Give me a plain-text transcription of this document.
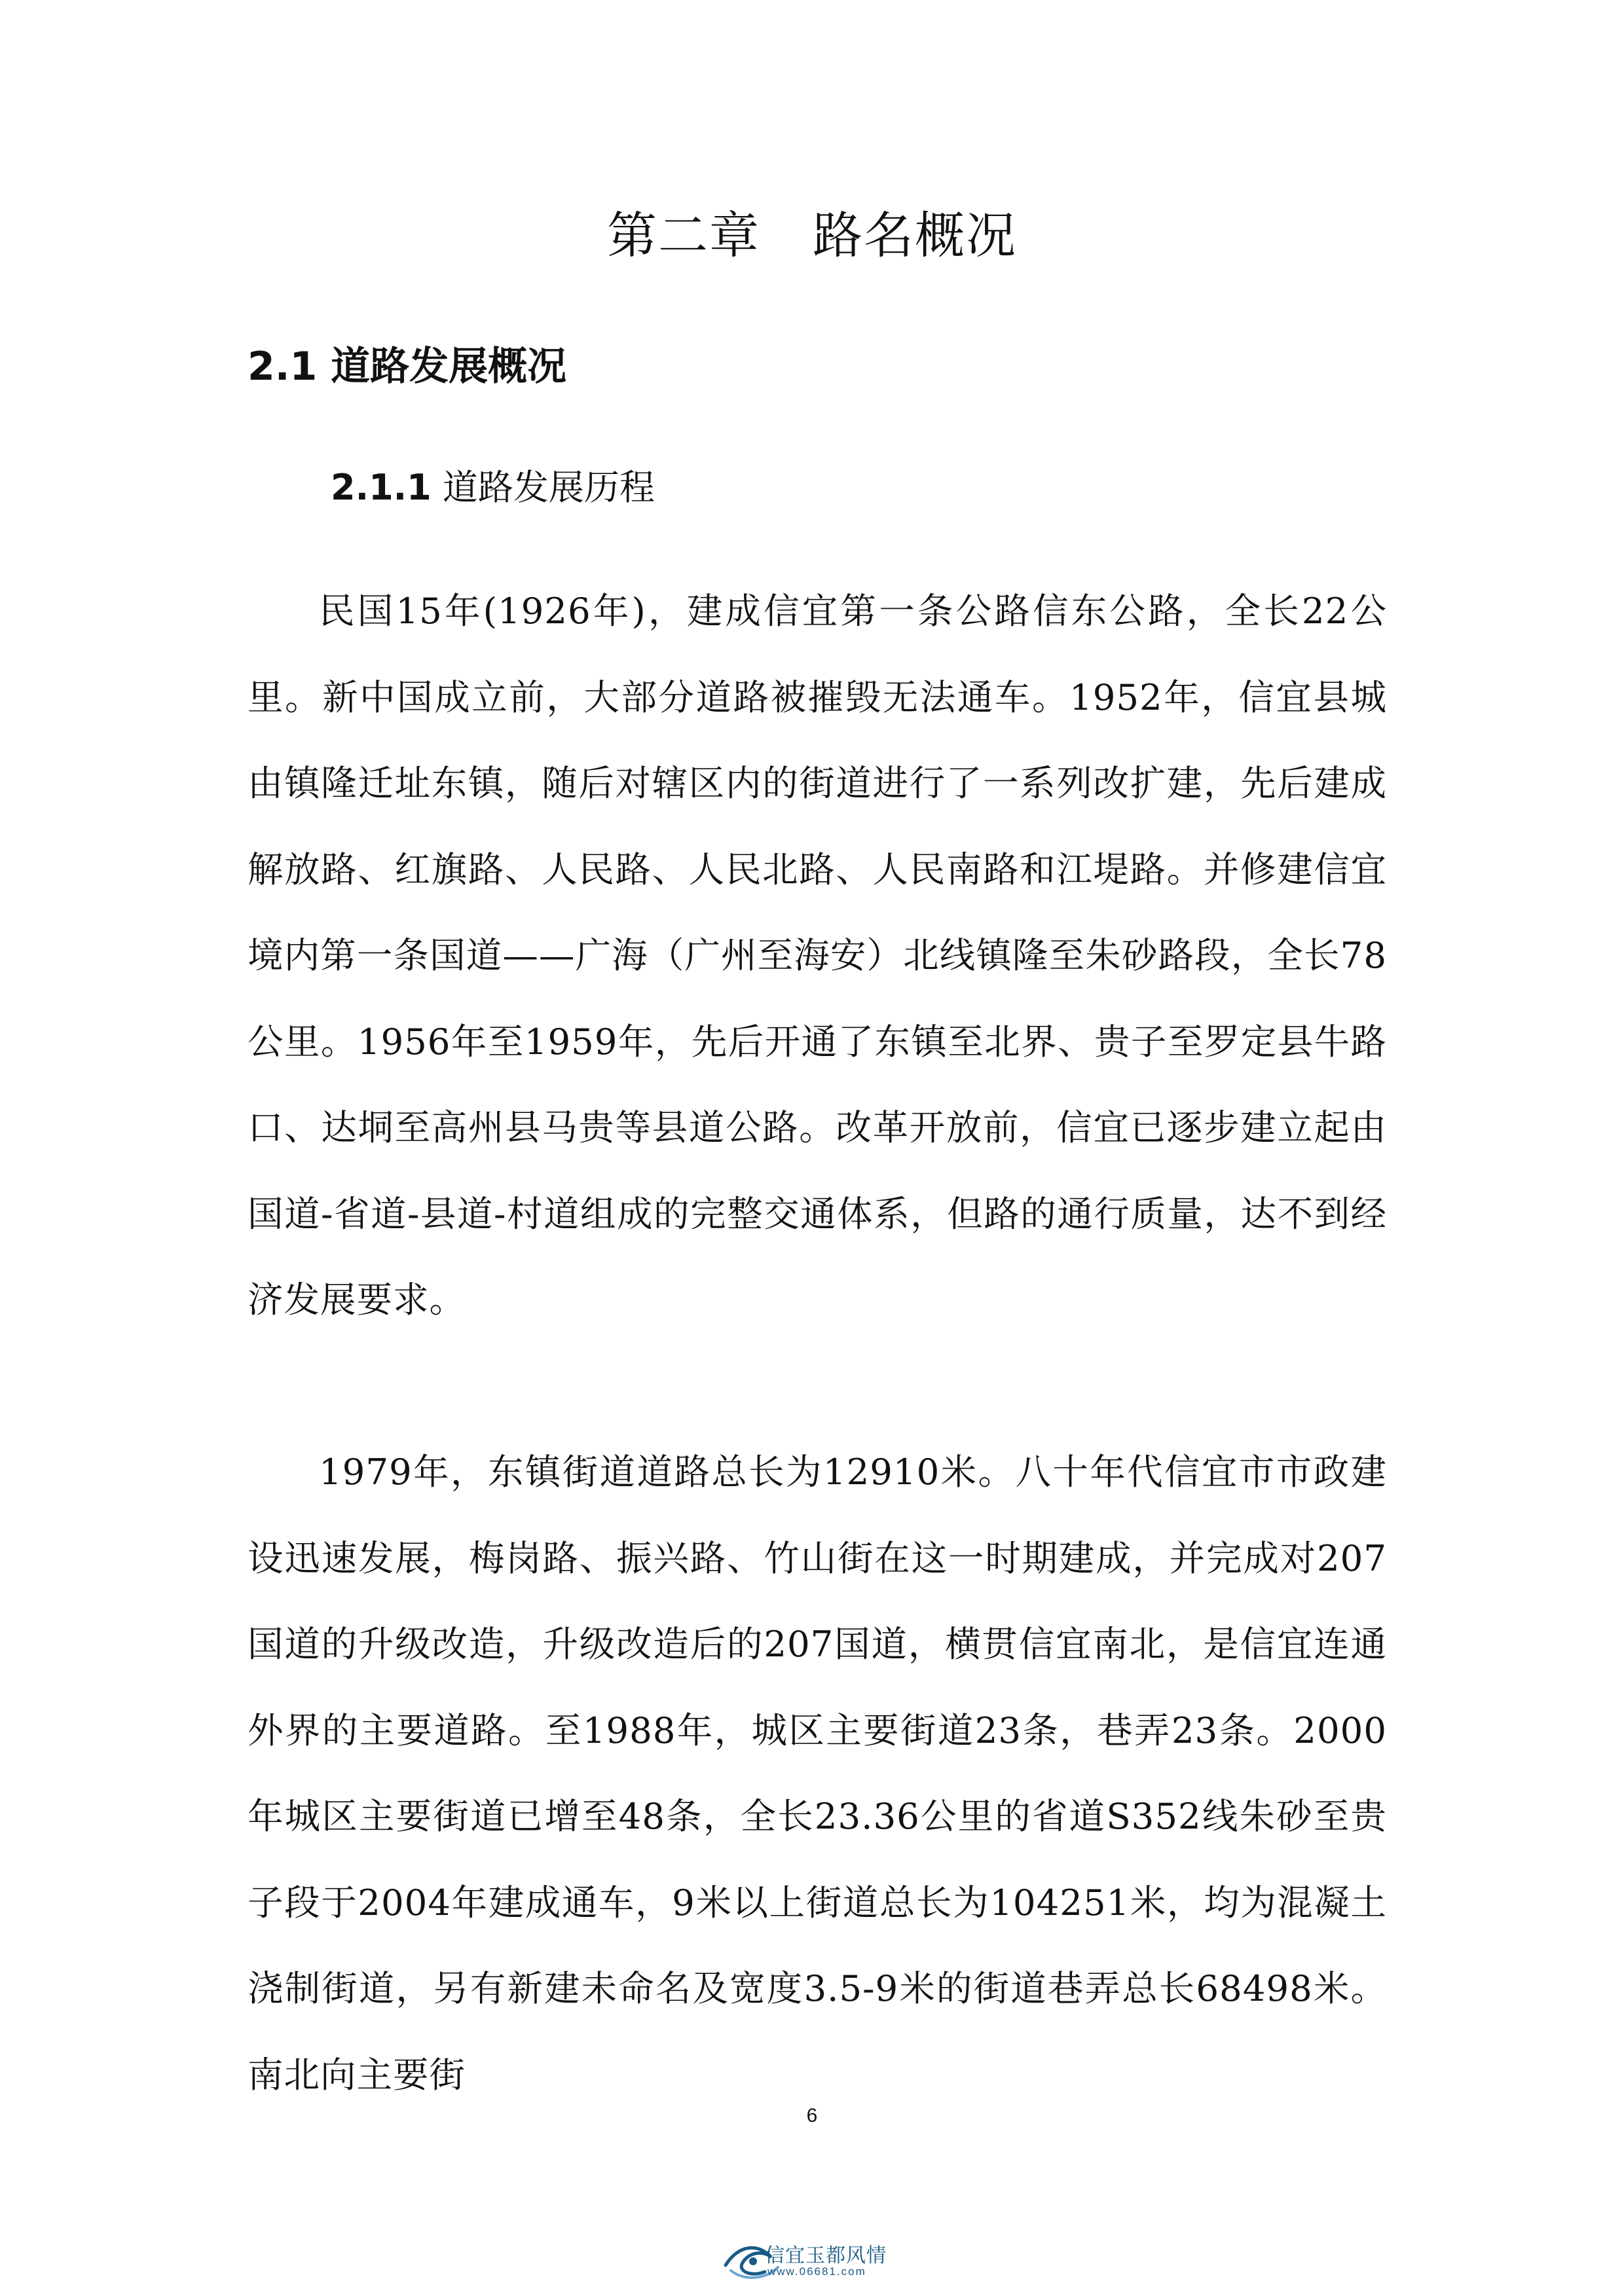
第二章 路名概况
2.1 道路发展概况
2.1.1 道路发展历程

民国15年(1926年)，建成信宜第一条公路信东公路，全长22公里。新中国成立前，大部分道路被摧毁无法通车。1952年，信宜县城由镇隆迁址东镇，随后对辖区内的街道进行了一系列改扩建，先后建成解放路、红旗路、人民路、人民北路、人民南路和江堤路。并修建信宜境内第一条国道——广海（广州至海安）北线镇隆至朱砂路段，全长78公里。1956年至1959年，先后开通了东镇至北界、贵子至罗定县牛路口、达垌至高州县马贵等县道公路。改革开放前，信宜已逐步建立起由国道-省道-县道-村道组成的完整交通体系，但路的通行质量，达不到经济发展要求。

1979年，东镇街道道路总长为12910米。八十年代信宜市市政建设迅速发展，梅岗路、振兴路、竹山街在这一时期建成，并完成对207国道的升级改造，升级改造后的207国道，横贯信宜南北，是信宜连通外界的主要道路。至1988年，城区主要街道23条，巷弄23条。2000年城区主要街道已增至48条，全长23.36公里的省道S352线朱砂至贵子段于2004年建成通车，9米以上街道总长为104251米，均为混凝土浇制街道，另有新建未命名及宽度3.5-9米的街道巷弄总长68498米。南北向主要街

6
信宜玉都风情
www.06681.com
